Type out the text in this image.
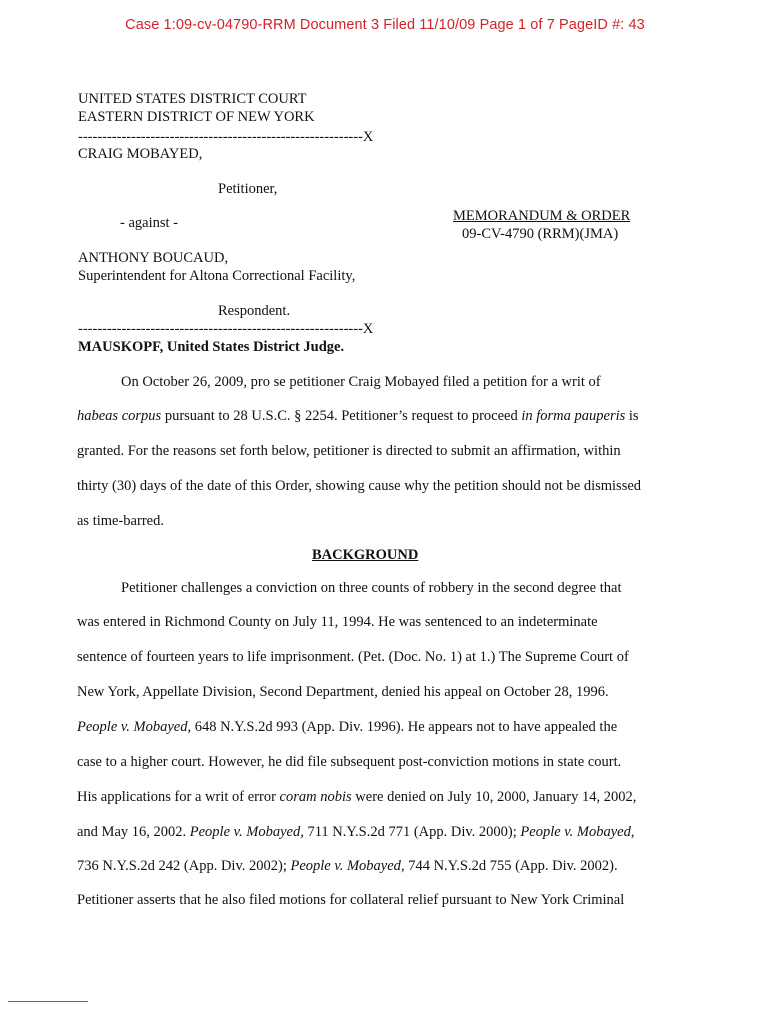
Case 1:09-cv-04790-RRM Document 3 Filed 11/10/09 Page 1 of 7 PageID #: 43
UNITED STATES DISTRICT COURT
EASTERN DISTRICT OF NEW YORK
-----------------------------------------------------------X
CRAIG MOBAYED,
Petitioner,
- against -	MEMORANDUM & ORDER
09-CV-4790 (RRM)(JMA)
ANTHONY BOUCAUD,
Superintendent for Altona Correctional Facility,
Respondent.
-----------------------------------------------------------X
MAUSKOPF, United States District Judge.
On October 26, 2009, pro se petitioner Craig Mobayed filed a petition for a writ of
habeas corpus pursuant to 28 U.S.C. § 2254. Petitioner’s request to proceed in forma pauperis is
granted. For the reasons set forth below, petitioner is directed to submit an affirmation, within
thirty (30) days of the date of this Order, showing cause why the petition should not be dismissed
as time-barred.
BACKGROUND
Petitioner challenges a conviction on three counts of robbery in the second degree that
was entered in Richmond County on July 11, 1994. He was sentenced to an indeterminate
sentence of fourteen years to life imprisonment. (Pet. (Doc. No. 1) at 1.) The Supreme Court of
New York, Appellate Division, Second Department, denied his appeal on October 28, 1996.
People v. Mobayed, 648 N.Y.S.2d 993 (App. Div. 1996). He appears not to have appealed the
case to a higher court. However, he did file subsequent post-conviction motions in state court.
His applications for a writ of error coram nobis were denied on July 10, 2000, January 14, 2002,
and May 16, 2002. People v. Mobayed, 711 N.Y.S.2d 771 (App. Div. 2000); People v. Mobayed,
736 N.Y.S.2d 242 (App. Div. 2002); People v. Mobayed, 744 N.Y.S.2d 755 (App. Div. 2002).
Petitioner asserts that he also filed motions for collateral relief pursuant to New York Criminal
